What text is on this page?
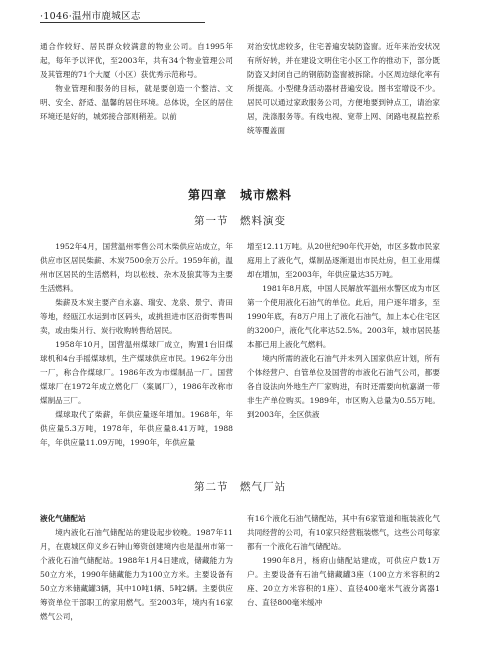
·1046·温州市鹿城区志

通合作较好、居民群众较满意的物业公司。自1995年起，每年予以评优，至2003年，共有34个物业管理公司及其管理的71个大厦（小区）获优秀示范称号。

物业管理和服务的目标，就是要创造一个整洁、文明、安全、舒适、温馨的居住环境。总体说，全区的居住环境还是好的，城郊接合部则稍差。以前

对治安忧虑较多，住宅普遍安装防盗窗。近年来治安状况有所好转，并在建设文明住宅小区工作的推动下，部分既防盗又封闭自己的钢筋防盗窗被拆除。小区周边绿化率有所提高。小型健身活动器材普遍安设。图书室增设不少。居民可以通过家政服务公司，方便地要到钟点工，请治家居，洗涤服务等。有线电视、宽带上网、闭路电视监控系统等覆盖面

第四章　城市燃料
第一节　燃料演变

1952年4月，国营温州零售公司木柴供应站成立，年供应市区居民柴薪、木炭7500余万公斤。1959年前，温州市区居民的生活燃料，均以松枝、杂木及狼萁等为主要生活燃料。

柴薪及木炭主要产自永嘉、瑞安、龙泉、景宁、青田等地，经瓯江水运到市区码头，或挑担进市区沿街零售叫卖，或由柴爿行、炭行收购转售给居民。

1958年10月，国营温州煤球厂成立，购置1台旧煤球机和4台手摇煤球机，生产煤球供应市民。1962年分出一厂，称合作煤球厂。1986年改为市煤制品一厂。国营煤球厂在1972年成立燃化厂（案属厂），1986年改称市煤制品三厂。

煤球取代了柴薪，年供应量逐年增加。1968年，年供应量5.3万吨，1978年，年供应量8.41万吨，1988年，年供应量11.09万吨，1990年，年供应量

增至12.11万吨。从20世纪90年代开始，市区多数市民家庭用上了液化气，煤制品逐渐退出市民灶房，但工业用煤却在增加，至2003年，年供应量达35万吨。

1981年8月底，中国人民解放军温州水警区成为市区第一个使用液化石油气的单位。此后，用户逐年增多，至1990年底，有8万户用上了液化石油气，加上本心住宅区的3200户，液化气化率达52.5%。2003年，城市居民基本都已用上液化气燃料。

境内所需的液化石油气并未列入国家供应计划，所有个体经营户、自管单位及国营的市液化石油气公司，都要各自设法向外地生产厂家购进，有时还需要向杭嘉湖一带非生产单位购买。1989年，市区购入总量为0.55万吨。到2003年，全区供液

第二节　燃气厂站

液化气储配站

境内液化石油气储配站的建设起步较晚。1987年11月，在鹿城区仰义乡石钟山筹资创建境内也是温州市第一个液化石油气储配站。1988年1月4日建成，储藏能力为50立方米，1990年储藏能力为100立方米。主要设备有50立方米储藏罐3辆，其中10吨1辆、5吨2辆。主要供应筹资单位干部职工的家用燃气。至2003年，境内有16家燃气公司，

有16个液化石油气储配站，其中有6家管道和瓶装液化气共同经营的公司，有10家只经营瓶装燃气，这些公司每家都有一个液化石油气储配站。

1990年8月，杨府山储配站建成，可供应户数1万户。主要设备有石油气储藏罐3座（100立方米容积的2座、20立方米容积的1座）、直径400毫米气液分离器1台、直径800毫米缓冲
